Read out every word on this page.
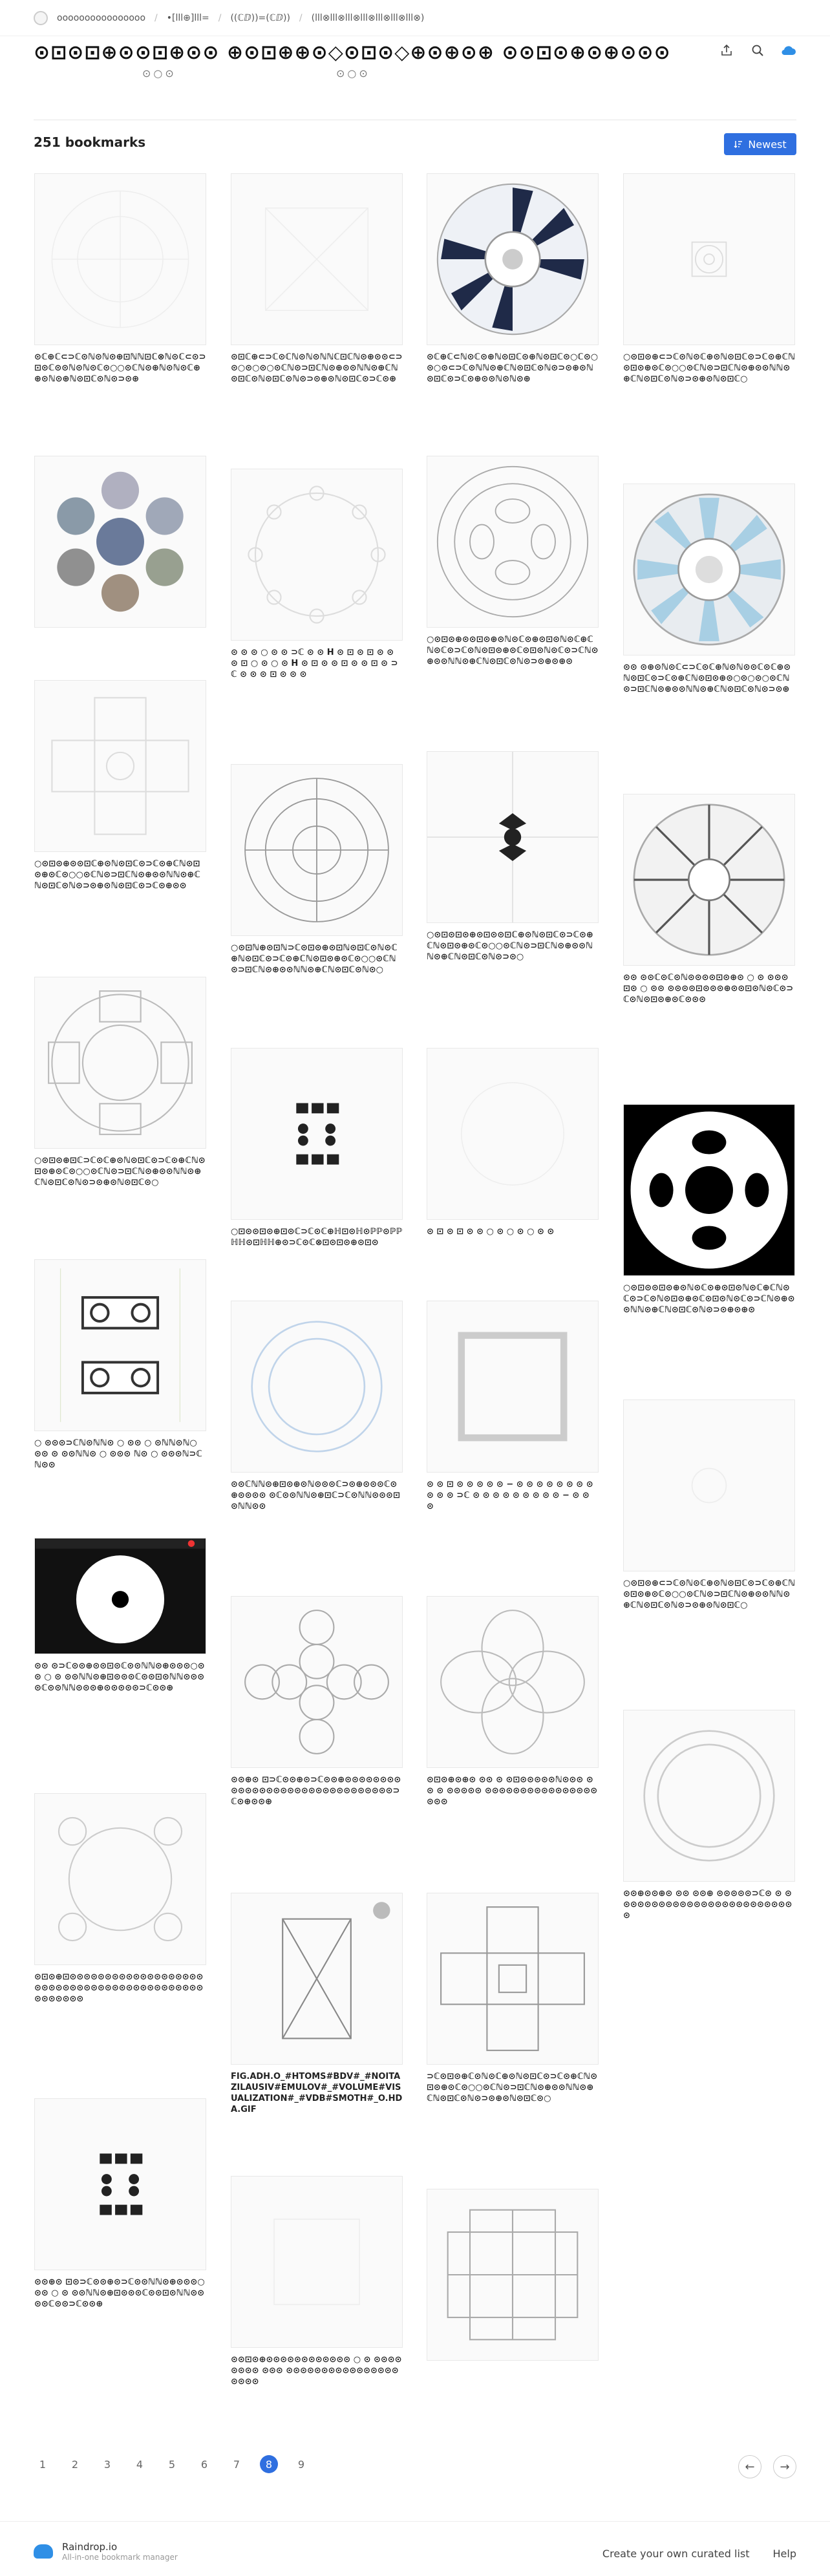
oooooooooooooooo / •[lll⊕]lll= / ((ℂⅅ))=(ℂⅅ)) / (lll⊗lll⊗lll⊗lll⊗lll⊗lll⊗lll⊗)
⊙⊡⊙⊡⊕⊙⊙⊡⊕⊙⊙ ⊕⊙⊡⊕⊕⊙◇⊙⊡⊙◇⊕⊙⊕⊙⊕ ⊙⊙⊡⊙⊕⊙⊕⊙⊙⊙
⊙○⊙	⊙○⊙
251 bookmarks	Newest
⊙ℂ⊕ℂ⊂⊃ℂ⊙ℕ⊙ℕ⊙⊕⊡ℕℕ⊡ℂ⊗ℕ⊙ℂ⊂⊙⊃⊡⊙ℂ⊙⊙ℕ⊙ℕ⊙ℂ⊙○○⊙ℂℕ⊙⊕ℕ⊙ℕ⊙ℂ⊕⊕⊙ℕ⊙⊕ℕ⊙⊡ℂ⊙ℕ⊙⊃⊙⊕
○⊙⊡⊙⊕⊙⊙⊡ℂ⊕⊙ℕ⊙⊡ℂ⊙⊃ℂ⊙⊕ℂℕ⊙⊡⊙⊕⊙ℂ⊙○○⊙ℂℕ⊙⊃⊡ℂℕ⊙⊕⊙⊙ℕℕ⊙⊕ℂℕ⊙⊡ℂ⊙ℕ⊙⊃⊙⊕⊙ℕ⊙⊡ℂ⊙⊃ℂ⊙⊕⊙⊙
○⊙⊡⊙⊕⊡ℂ⊃ℂ⊙ℂ⊕⊙ℕ⊙⊡ℂ⊙⊃ℂ⊙⊕ℂℕ⊙⊡⊙⊕⊙ℂ⊙○○⊙ℂℕ⊙⊃⊡ℂℕ⊙⊕⊙⊙ℕℕ⊙⊕ℂℕ⊙⊡ℂ⊙ℕ⊙⊃⊙⊕⊙ℕ⊙⊡ℂ⊙○
○ ⊙⊙⊙⊃ℂℕ⊙ℕℕ⊙ ○ ⊙⊙ ○ ⊙ℕℕ⊙ℕ○ ⊙⊙ ⊙ ⊙⊙ℕℕ⊙ ○ ⊙⊙⊙ ℕ⊙ ○ ⊙⊙⊙ℕ⊃ℂℕ⊙⊙
⊙⊙ ⊙⊃ℂ⊙⊙⊕⊙⊙⊡⊙ℂ⊙⊙ℕℕ⊙⊕⊙⊙⊙○⊙⊙ ○ ⊙ ⊙⊙ℕℕ⊙⊕⊡⊙⊙⊙ℂ⊙⊙⊡⊙ℕℕ⊙⊙⊙⊙ℂ⊙⊙ℕℕ⊙⊙⊙⊕⊙⊙⊙⊙⊙⊃ℂ⊙⊙⊕
⊙⊡⊙⊕⊡⊙⊙⊙⊙⊙⊙⊙⊙⊙⊙⊙⊙⊙⊙⊙⊙⊙⊙⊙⊙⊙⊙⊙⊙⊙⊙⊙⊙⊙⊙⊙⊙⊙⊙⊙⊙⊙⊙⊙⊙⊙⊙⊙⊙⊙⊙⊙⊙⊙⊙
⊙⊙⊕⊙ ⊡⊙⊃ℂ⊙⊙⊕⊙⊃ℂ⊙⊙ℕℕ⊙⊕⊙⊙⊙○⊙⊙ ○ ⊙ ⊙⊙ℕℕ⊙⊕⊡⊙⊙⊙ℂ⊙⊙⊡⊙ℕℕ⊙⊙⊙⊙ℂ⊙⊙⊃ℂ⊙⊙⊕
⊙⊡ℂ⊕⊂⊃ℂ⊙ℂℕ⊙ℕ⊙ℕℕℂ⊡ℂℕ⊙⊕⊙⊙⊂⊃⊙○⊙○⊙○⊙ℂℕ⊙⊃⊡ℂℕ⊙⊕⊙⊙ℕℕ⊙⊕ℂℕ⊙⊡ℂ⊙ℕ⊙⊡ℂ⊙ℕ⊙⊃⊙⊕⊙ℕ⊙⊡ℂ⊙⊃ℂ⊙⊕
⊙ ⊙ ⊙ ○ ⊙ ⊙ ⊃ℂ ⊙ ⊙ H ⊙ ⊡ ⊙ ⊡ ⊙ ⊙ ⊙ ⊡ ○ ⊙ ○ ⊙ H ⊙ ⊡ ⊙ ⊙ ⊡ ⊙ ⊙ ⊡ ⊙ ⊃ℂ ⊙ ⊙ ⊙ ⊡ ⊙ ⊙ ⊙
○⊙⊡ℕ⊕⊙⊡ℕ⊃ℂ⊙⊡⊙⊕⊙⊡ℕ⊙⊡ℂ⊙ℕ⊙ℂ⊕ℕ⊙⊡ℂ⊙⊃ℂ⊙⊕ℂℕ⊙⊡⊙⊕⊙ℂ⊙○○⊙ℂℕ⊙⊃⊡ℂℕ⊙⊕⊙⊙ℕℕ⊙⊕ℂℕ⊙⊡ℂ⊙ℕ⊙○
○⊡⊙⊙⊡⊙⊕⊡⊙ℂ⊃ℂ⊙ℂ⊕ℍ⊡⊙ℍ⊙ℙℙ⊙ℙℙℍℍ⊙⊡ℍℍ⊕⊙⊃ℂ⊙ℂ⊗⊡⊙⊡⊙⊕⊙⊡⊙
⊙⊙ℂℕℕ⊙⊕⊡⊙⊕⊙ℕ⊙⊙⊙ℂ⊃⊙⊕⊙⊙⊙ℂ⊙⊕⊙⊙⊙⊙ ⊙ℂ⊙⊙ℕℕ⊙⊕⊡ℂ⊃ℂ⊙ℕℕ⊙⊙⊙⊡⊙ℕℕ⊙⊙
⊙⊙⊕⊙ ⊡⊃ℂ⊙⊙⊕⊙⊃ℂ⊙⊙⊕⊙⊙⊙⊙⊙⊙⊙⊙⊙⊙⊙⊙⊙⊙⊙⊙⊙⊙⊙⊙⊙⊙⊙⊙⊙⊙⊙⊙⊙⊙⊙⊃ℂ⊙⊕⊙⊙⊕
FIG.ADH.O_#HTOMS#BDV#_#NOITAZILAUSIV#EMULOV#_#VOLUME#VISUALIZATION#_#VDB#SMOTH#_O.HDA.GIF
⊙⊙⊡⊙⊕⊙⊙⊙⊙⊙⊙⊙⊙⊙⊙⊙⊙ ○ ⊙ ⊙⊙⊙⊙⊙⊙⊙⊙ ⊙⊙⊙ ⊙⊙⊙⊙⊙⊙⊙⊙⊙⊙⊙⊙⊙⊙⊙⊙⊙⊙⊙⊙
⊙ℂ⊕ℂ⊂ℕ⊙ℂ⊙⊕ℕ⊙⊡ℂ⊙⊕ℕ⊙⊡ℂ⊙○ℂ⊙○⊙○⊙⊂⊃ℂ⊙ℕℕ⊙⊕ℂℕ⊙⊡ℂ⊙ℕ⊙⊃⊙⊕⊙ℕ⊙⊡ℂ⊙⊃ℂ⊙⊕⊙⊙ℕ⊙ℕ⊙⊕
○⊙⊡⊙⊕⊙⊙⊡⊙⊕⊙ℕ⊙ℂ⊙⊕⊙⊡⊙ℕ⊙ℂ⊕ℂℕ⊙ℂ⊙⊃ℂ⊙ℕ⊙⊡⊙⊕⊙ℂ⊙⊡⊙ℕ⊙ℂ⊙⊃ℂℕ⊙⊕⊙⊙ℕℕ⊙⊕ℂℕ⊙⊡ℂ⊙ℕ⊙⊃⊙⊕⊙⊕⊙
○⊙⊡⊙⊡⊙⊕⊙⊡⊙⊙⊡ℂ⊕⊙ℕ⊙⊡ℂ⊙⊃ℂ⊙⊕ℂℕ⊙⊡⊙⊕⊙ℂ⊙○○⊙ℂℕ⊙⊃⊡ℂℕ⊙⊕⊙⊙ℕℕ⊙⊕ℂℕ⊙⊡ℂ⊙ℕ⊙⊃⊙○
⊙ ⊡ ⊙ ⊡ ⊙ ⊙ ○ ⊙ ○ ⊙ ○ ⊙ ⊙
⊙ ⊙ ⊡ ⊙ ⊙ ⊙ ⊙ ⊙ − ⊙ ⊙ ⊙ ⊙ ⊙ ⊙ ⊙ ⊙ ⊙ ⊙ ⊙ ⊃ℂ ⊙ ⊙ ⊙ ⊙ ⊙ ⊙ ⊙ ⊙ ⊙ − ⊙ ⊙ ⊙
⊙⊡⊙⊕⊙⊕⊙ ⊙⊙ ⊙ ⊙⊡⊙⊙⊙⊙⊙ℕ⊙⊙⊙ ⊙⊙ ⊙ ⊙⊙⊙⊙⊙ ⊙⊙⊙⊙⊙⊙⊙⊙⊙⊙⊙⊙⊙⊙⊙⊙ ⊙⊙⊙
⊃ℂ⊙⊡⊙⊕ℂ⊙ℕ⊙ℂ⊕⊙ℕ⊙⊡ℂ⊙⊃ℂ⊙⊕ℂℕ⊙⊡⊙⊕⊙ℂ⊙○○⊙ℂℕ⊙⊃⊡ℂℕ⊙⊕⊙⊙ℕℕ⊙⊕ℂℕ⊙⊡ℂ⊙ℕ⊙⊃⊙⊕⊙ℕ⊙⊡ℂ⊙○
○⊙⊡⊙⊕⊂⊃ℂ⊙ℕ⊙ℂ⊕⊙ℕ⊙⊡ℂ⊙⊃ℂ⊙⊕ℂℕ⊙⊡⊙⊕⊙ℂ⊙○○⊙ℂℕ⊙⊃⊡ℂℕ⊙⊕⊙⊙ℕℕ⊙⊕ℂℕ⊙⊡ℂ⊙ℕ⊙⊃⊙⊕⊙ℕ⊙⊡ℂ○
⊙⊙ ⊙⊕⊙ℕ⊙ℂ⊂⊃ℂ⊙ℂ⊕ℕ⊙ℕ⊙⊙ℂ⊙ℂ⊕⊙ℕ⊙⊡ℂ⊙⊃ℂ⊙⊕ℂℕ⊙⊡⊙⊕⊙○⊙○⊙○⊙ℂℕ⊙⊃⊡ℂℕ⊙⊕⊙⊙ℕℕ⊙⊕ℂℕ⊙⊡ℂ⊙ℕ⊙⊃⊙⊕
⊙⊙ ⊙⊙ℂ⊙ℂ⊙ℕ⊙⊙⊙⊙⊡⊙⊕⊙ ○ ⊙ ⊙⊙⊙⊡⊙ ○ ⊙⊙ ⊙⊙⊙⊙⊡⊙⊙⊙⊕⊙⊙⊡⊙ℕ⊙ℂ⊙⊃ℂ⊙ℕ⊙⊡⊙⊕⊙ℂ⊙⊙⊙
○⊙⊡⊙⊙⊡⊙⊕⊙ℕ⊙ℂ⊙⊕⊙⊡⊙ℕ⊙ℂ⊕ℂℕ⊙ℂ⊙⊃ℂ⊙ℕ⊙⊡⊙⊕⊙ℂ⊙⊡⊙ℕ⊙ℂ⊙⊃ℂℕ⊙⊕⊙⊙ℕℕ⊙⊕ℂℕ⊙⊡ℂ⊙ℕ⊙⊃⊙⊕⊙⊕⊙
○⊙⊡⊙⊕⊂⊃ℂ⊙ℕ⊙ℂ⊕⊙ℕ⊙⊡ℂ⊙⊃ℂ⊙⊕ℂℕ⊙⊡⊙⊕⊙ℂ⊙○○⊙ℂℕ⊙⊃⊡ℂℕ⊙⊕⊙⊙ℕℕ⊙⊕ℂℕ⊙⊡ℂ⊙ℕ⊙⊃⊙⊕⊙ℕ⊙⊡ℂ○
⊙⊙⊕⊙⊙⊕⊙ ⊙⊙ ⊙⊙⊕ ⊙⊙⊙⊙⊙⊃ℂ⊙ ⊙ ⊙⊙⊙⊙⊙⊙⊙⊙⊙⊙⊙⊙⊙⊙⊙⊙⊙⊙⊙⊙⊙⊙⊙⊙⊙⊙
1	2	3	4	5	6	7	8	9	← →
Raindrop.io
All-in-one bookmark manager	Create your own curated list Help
